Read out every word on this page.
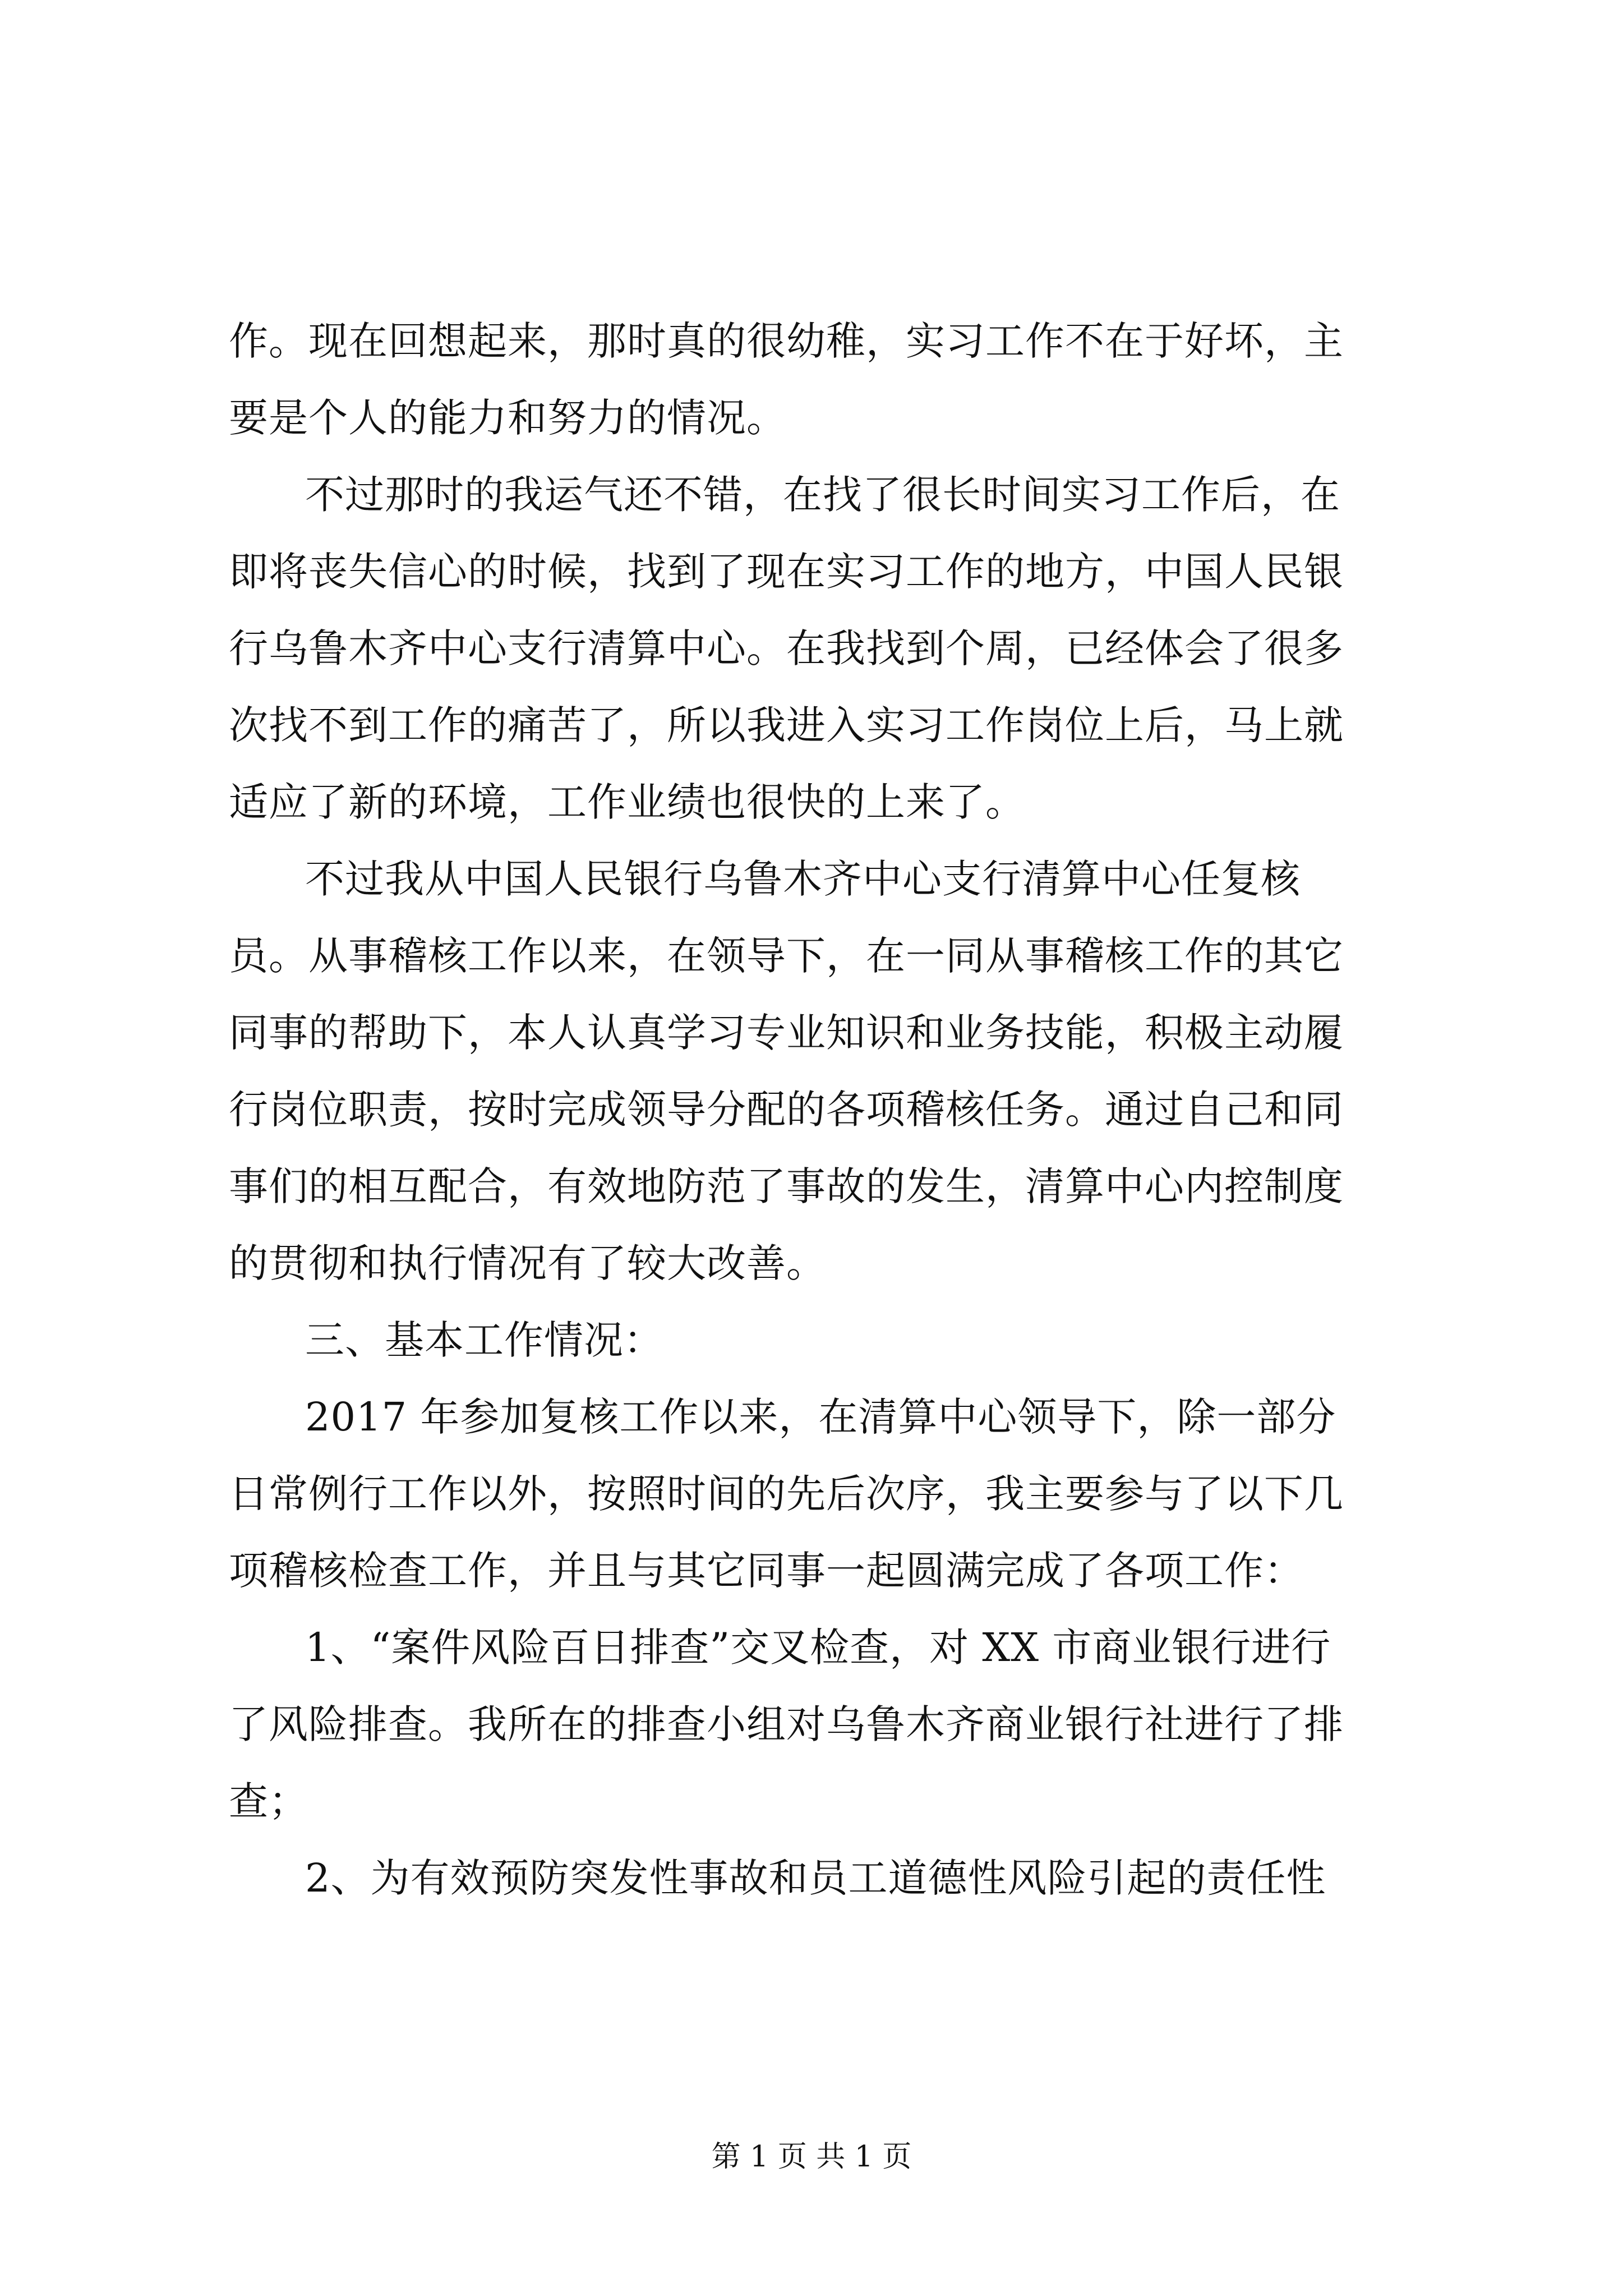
作。现在回想起来，那时真的很幼稚，实习工作不在于好坏，主
要是个人的能力和努力的情况。
不过那时的我运气还不错，在找了很长时间实习工作后，在
即将丧失信心的时候，找到了现在实习工作的地方，中国人民银
行乌鲁木齐中心支行清算中心。在我找到个周，已经体会了很多
次找不到工作的痛苦了，所以我进入实习工作岗位上后，马上就
适应了新的环境，工作业绩也很快的上来了。
不过我从中国人民银行乌鲁木齐中心支行清算中心任复核
员。从事稽核工作以来，在领导下，在一同从事稽核工作的其它
同事的帮助下，本人认真学习专业知识和业务技能，积极主动履
行岗位职责，按时完成领导分配的各项稽核任务。通过自己和同
事们的相互配合，有效地防范了事故的发生，清算中心内控制度
的贯彻和执行情况有了较大改善。
三、基本工作情况：
2017 年参加复核工作以来，在清算中心领导下，除一部分
日常例行工作以外，按照时间的先后次序，我主要参与了以下几
项稽核检查工作，并且与其它同事一起圆满完成了各项工作：
1、“案件风险百日排查”交叉检查，对 XX 市商业银行进行
了风险排查。我所在的排查小组对乌鲁木齐商业银行社进行了排
查；
2、为有效预防突发性事故和员工道德性风险引起的责任性
第 1 页 共 1 页
